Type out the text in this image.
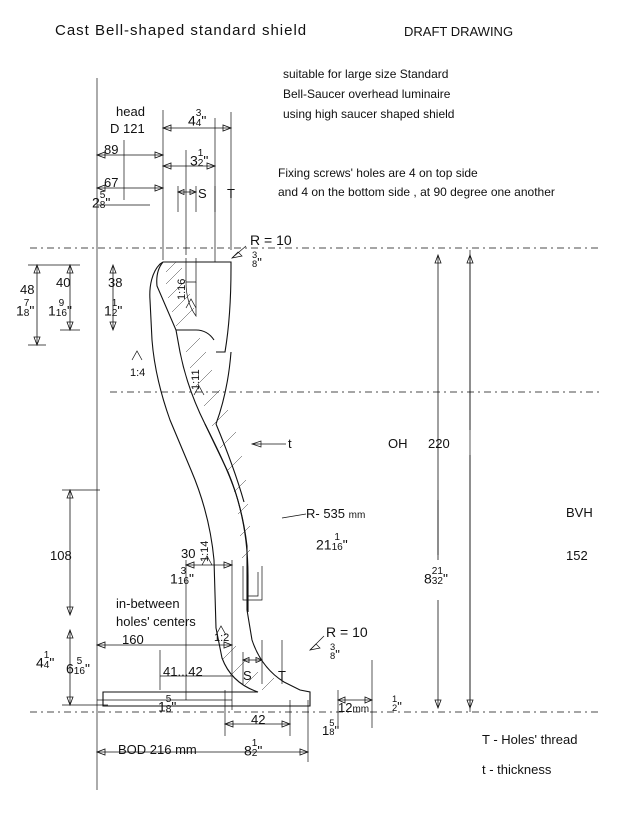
Cast Bell-shaped standard shield	DRAFT DRAWING
suitable for large size Standard
Bell-Saucer overhead luminaire
using high saucer shaped shield
Fixing screws' holes are 4 on top side
and 4 on the bottom side , at 90 degree one another
head
D 121	4 3
4 "
3 1
2 "
89
67
2 5
8 "
S T
48 40	38
1 7
8 " 1 9
16 " 1 1
2 "
R = 10
3
8 "
R = 10
3
8 "
R- 535 mm
21 1
16 "
1:16
1:4	1:11
1:14
1:2
t	OH 220
8 21
32 "
BVH
152
108
4 1
4 " 6 5
16 "
in-between
holes' centers
160
30
1 3
16 "
41...42	S T
1 5
8 "
42
12mm
1
2 "
1
5
8 "
BOD 216 mm	8 1
2 "
T - Holes' thread
t - thickness
